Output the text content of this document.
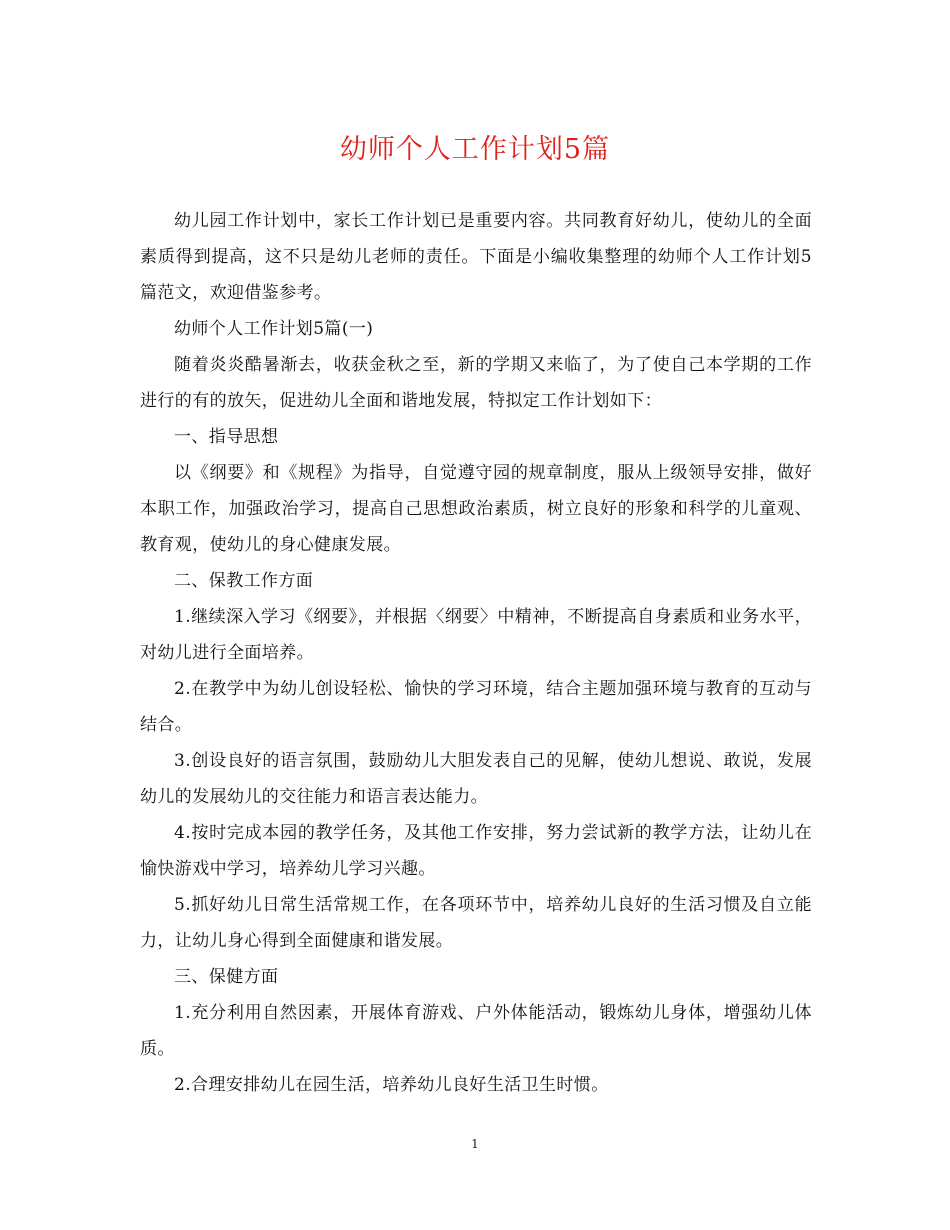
幼师个人工作计划5篇

幼儿园工作计划中，家长工作计划已是重要内容。共同教育好幼儿，使幼儿的全面素质得到提高，这不只是幼儿老师的责任。下面是小编收集整理的幼师个人工作计划5篇范文，欢迎借鉴参考。

幼师个人工作计划5篇(一)

随着炎炎酷暑渐去，收获金秋之至，新的学期又来临了，为了使自己本学期的工作进行的有的放矢，促进幼儿全面和谐地发展，特拟定工作计划如下：

一、指导思想

以《纲要》和《规程》为指导，自觉遵守园的规章制度，服从上级领导安排，做好本职工作，加强政治学习，提高自己思想政治素质，树立良好的形象和科学的儿童观、教育观，使幼儿的身心健康发展。

二、保教工作方面

1.继续深入学习《纲要》，并根据〈纲要〉中精神，不断提高自身素质和业务水平，对幼儿进行全面培养。

2.在教学中为幼儿创设轻松、愉快的学习环境，结合主题加强环境与教育的互动与结合。

3.创设良好的语言氛围，鼓励幼儿大胆发表自己的见解，使幼儿想说、敢说，发展幼儿的发展幼儿的交往能力和语言表达能力。

4.按时完成本园的教学任务，及其他工作安排，努力尝试新的教学方法，让幼儿在愉快游戏中学习，培养幼儿学习兴趣。

5.抓好幼儿日常生活常规工作，在各项环节中，培养幼儿良好的生活习惯及自立能力，让幼儿身心得到全面健康和谐发展。

三、保健方面

1.充分利用自然因素，开展体育游戏、户外体能活动，锻炼幼儿身体，增强幼儿体质。

2.合理安排幼儿在园生活，培养幼儿良好生活卫生时惯。

1
